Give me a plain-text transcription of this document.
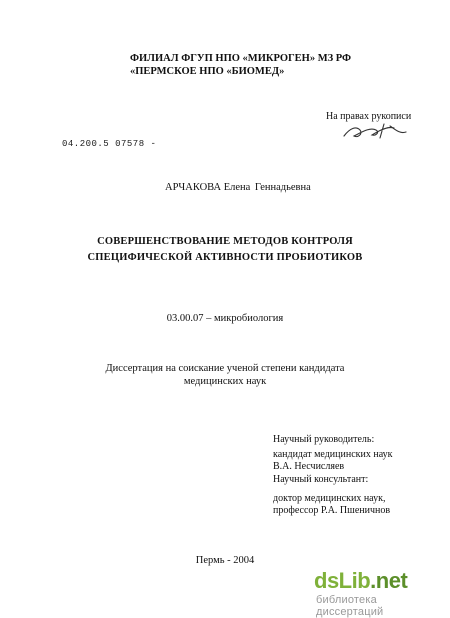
ФИЛИАЛ ФГУП НПО «МИКРОГЕН» МЗ РФ
«ПЕРМСКОЕ НПО «БИОМЕД»
На правах рукописи
04.200.5 07578 -
АРЧАКОВА Елена Геннадьевна
СОВЕРШЕНСТВОВАНИЕ МЕТОДОВ КОНТРОЛЯ
СПЕЦИФИЧЕСКОЙ АКТИВНОСТИ ПРОБИОТИКОВ
03.00.07 – микробиология
Диссертация на соискание ученой степени кандидата
медицинских наук
Научный руководитель:
кандидат медицинских наук
В.А. Несчисляев
Научный консультант:
доктор медицинских наук,
профессор Р.А. Пшеничнов
Пермь - 2004
dsLib.net
библиотека диссертаций
